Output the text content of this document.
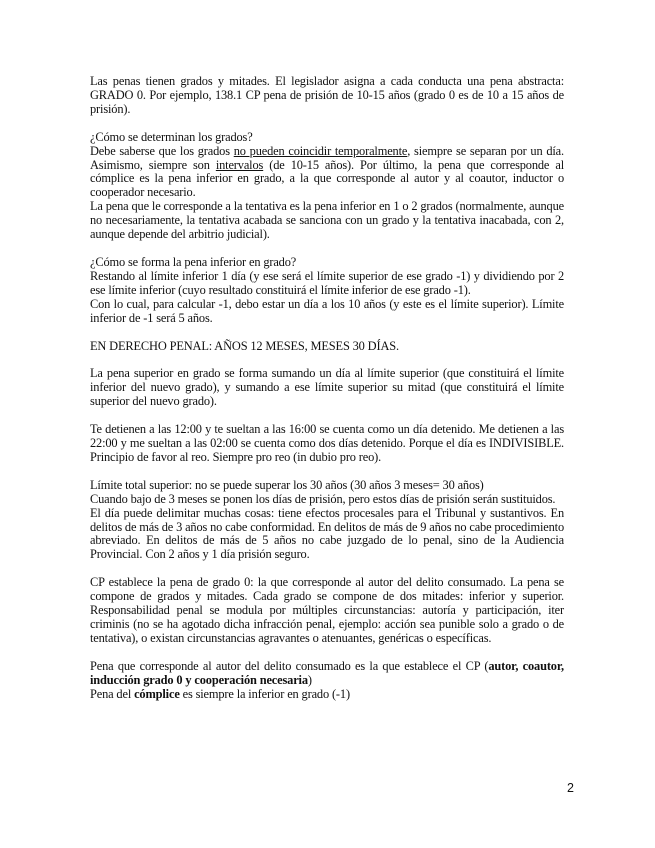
Las penas tienen grados y mitades. El legislador asigna a cada conducta una pena abstracta: GRADO 0. Por ejemplo, 138.1 CP pena de prisión de 10-15 años (grado 0 es de 10 a 15 años de prisión).

¿Cómo se determinan los grados?

Debe saberse que los grados no pueden coincidir temporalmente, siempre se separan por un día. Asimismo, siempre son intervalos (de 10-15 años). Por último, la pena que corresponde al cómplice es la pena inferior en grado, a la que corresponde al autor y al coautor, inductor o cooperador necesario.

La pena que le corresponde a la tentativa es la pena inferior en 1 o 2 grados (normalmente, aunque no necesariamente, la tentativa acabada se sanciona con un grado y la tentativa inacabada, con 2, aunque depende del arbitrio judicial).

¿Cómo se forma la pena inferior en grado?

Restando al límite inferior 1 día (y ese será el límite superior de ese grado -1) y dividiendo por 2 ese límite inferior (cuyo resultado constituirá el límite inferior de ese grado -1).

Con lo cual, para calcular -1, debo estar un día a los 10 años (y este es el límite superior). Límite inferior de -1 será 5 años.

EN DERECHO PENAL: AÑOS 12 MESES, MESES 30 DÍAS.

La pena superior en grado se forma sumando un día al límite superior (que constituirá el límite inferior del nuevo grado), y sumando a ese límite superior su mitad (que constituirá el límite superior del nuevo grado).

Te detienen a las 12:00 y te sueltan a las 16:00 se cuenta como un día detenido. Me detienen a las 22:00 y me sueltan a las 02:00 se cuenta como dos días detenido. Porque el día es INDIVISIBLE. Principio de favor al reo. Siempre pro reo (in dubio pro reo).

Límite total superior: no se puede superar los 30 años (30 años 3 meses= 30 años)

Cuando bajo de 3 meses se ponen los días de prisión, pero estos días de prisión serán sustituidos.

El día puede delimitar muchas cosas: tiene efectos procesales para el Tribunal y sustantivos. En delitos de más de 3 años no cabe conformidad. En delitos de más de 9 años no cabe procedimiento abreviado. En delitos de más de 5 años no cabe juzgado de lo penal, sino de la Audiencia Provincial. Con 2 años y 1 día prisión seguro.

CP establece la pena de grado 0: la que corresponde al autor del delito consumado. La pena se compone de grados y mitades. Cada grado se compone de dos mitades: inferior y superior. Responsabilidad penal se modula por múltiples circunstancias: autoría y participación, iter criminis (no se ha agotado dicha infracción penal, ejemplo: acción sea punible solo a grado o de tentativa), o existan circunstancias agravantes o atenuantes, genéricas o específicas.

Pena que corresponde al autor del delito consumado es la que establece el CP (autor, coautor, inducción grado 0 y cooperación necesaria)

Pena del cómplice es siempre la inferior en grado (-1)

2
